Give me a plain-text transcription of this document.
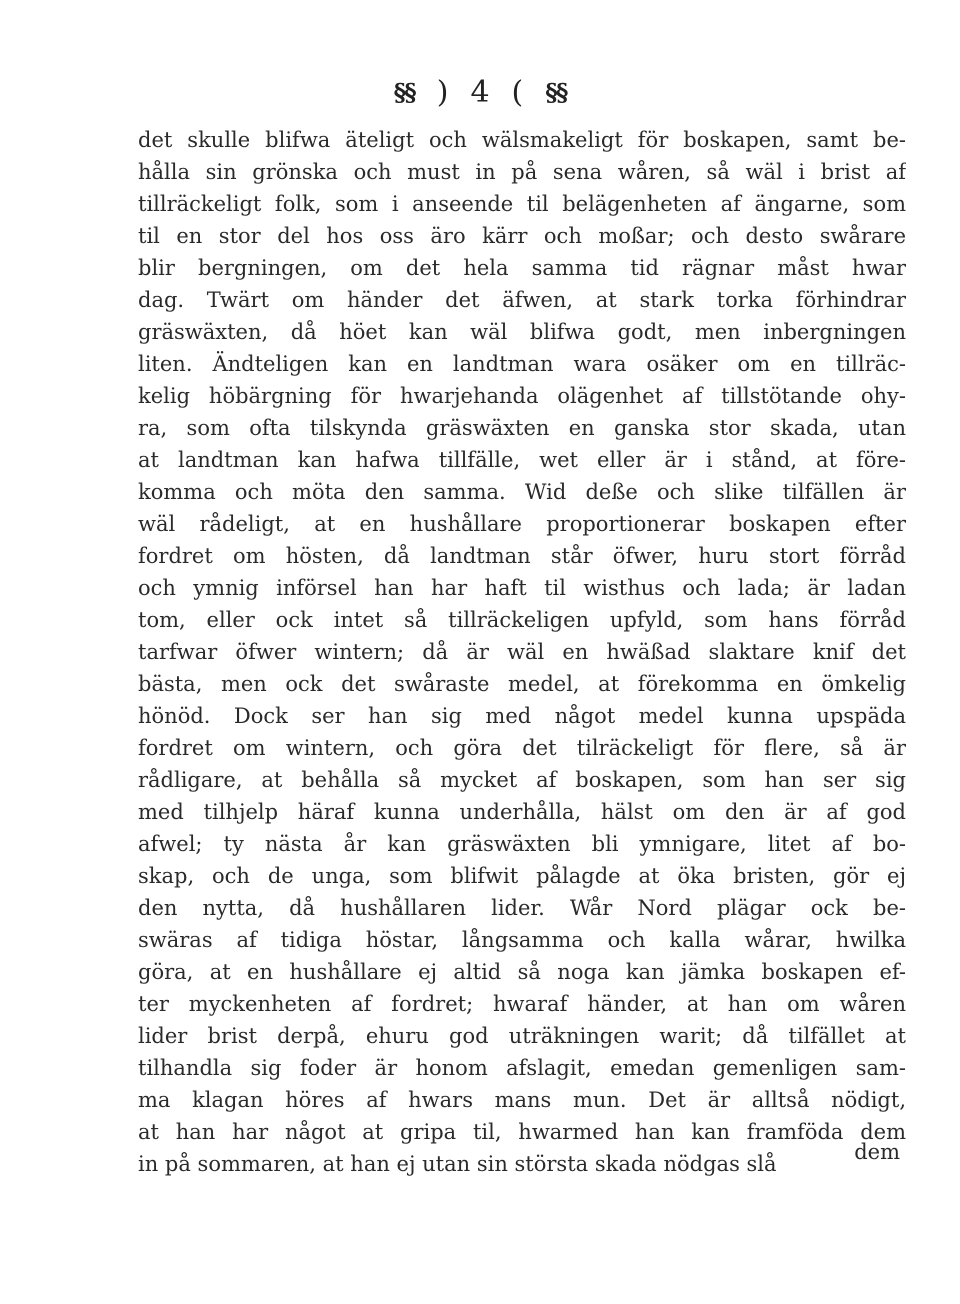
§§ ) 4 ( §§
det skulle blifwa äteligt och wälsmakeligt för boskapen, samt be-
hålla sin grönska och must in på sena wåren, så wäl i brist af
tillräckeligt folk, som i anseende til belägenheten af ängarne, som
til en stor del hos oss äro kärr och moßar; och desto swårare
blir bergningen, om det hela samma tid rägnar måst hwar
dag. Twärt om händer det äfwen, at stark torka förhindrar
gräswäxten, då höet kan wäl blifwa godt, men inbergningen
liten. Ändteligen kan en landtman wara osäker om en tillräc-
kelig höbärgning för hwarjehanda olägenhet af tillstötande ohy-
ra, som ofta tilskynda gräswäxten en ganska stor skada, utan
at landtman kan hafwa tillfälle, wet eller är i stånd, at före-
komma och möta den samma. Wid deße och slike tilfällen är
wäl rådeligt, at en hushållare proportionerar boskapen efter
fordret om hösten, då landtman står öfwer, huru stort förråd
och ymnig införsel han har haft til wisthus och lada; är ladan
tom, eller ock intet så tillräckeligen upfyld, som hans förråd
tarfwar öfwer wintern; då är wäl en hwäßad slaktare knif det
bästa, men ock det swåraste medel, at förekomma en ömkelig
hönöd. Dock ser han sig med något medel kunna upspäda
fordret om wintern, och göra det tilräckeligt för flere, så är
rådligare, at behålla så mycket af boskapen, som han ser sig
med tilhjelp häraf kunna underhålla, hälst om den är af god
afwel; ty nästa år kan gräswäxten bli ymnigare, litet af bo-
skap, och de unga, som blifwit pålagde at öka bristen, gör ej
den nytta, då hushållaren lider. Wår Nord plägar ock be-
swäras af tidiga höstar, långsamma och kalla wårar, hwilka
göra, at en hushållare ej altid så noga kan jämka boskapen ef-
ter myckenheten af fordret; hwaraf händer, at han om wåren
lider brist derpå, ehuru god uträkningen warit; då tilfället at
tilhandla sig foder är honom afslagit, emedan gemenligen sam-
ma klagan höres af hwars mans mun. Det är alltså nödigt,
at han har något at gripa til, hwarmed han kan framföda dem
in på sommaren, at han ej utan sin största skada nödgas slå	dem
